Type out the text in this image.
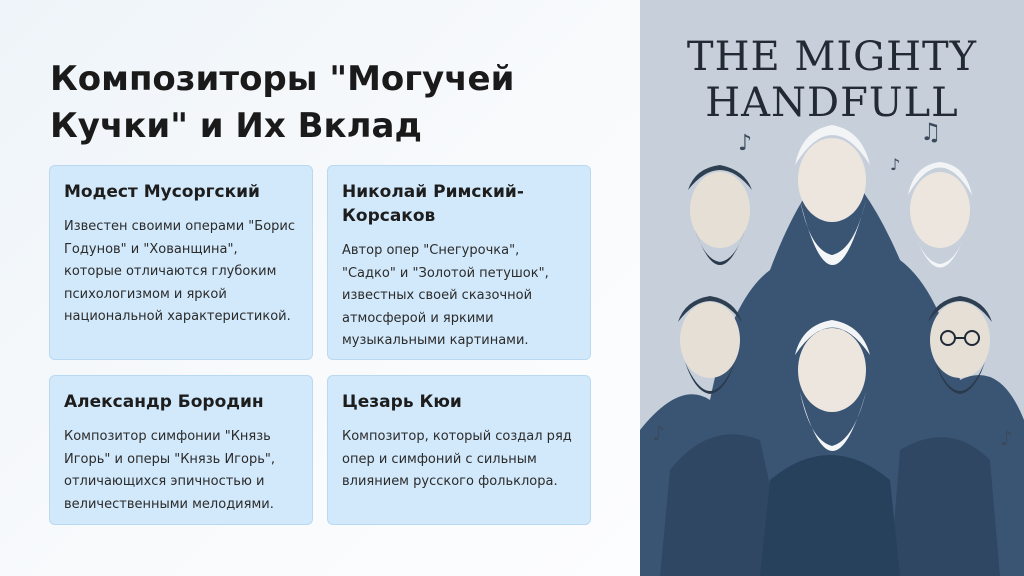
Композиторы "Могучей Кучки" и Их Вклад
Модест Мусоргский

Известен своими операми "Борис Годунов" и "Хованщина", которые отличаются глубоким психологизмом и яркой национальной характеристикой.

Николай Римский-Корсаков

Автор опер "Снегурочка", "Садко" и "Золотой петушок", известных своей сказочной атмосферой и яркими музыкальными картинами.

Александр Бородин

Композитор симфонии "Князь Игорь" и оперы "Князь Игорь", отличающихся эпичностью и величественными мелодиями.

Цезарь Кюи

Композитор, который создал ряд опер и симфоний с сильным влиянием русского фольклора.

♪	♫
♪
♪	♪
THE MIGHTY
HANDFULL
